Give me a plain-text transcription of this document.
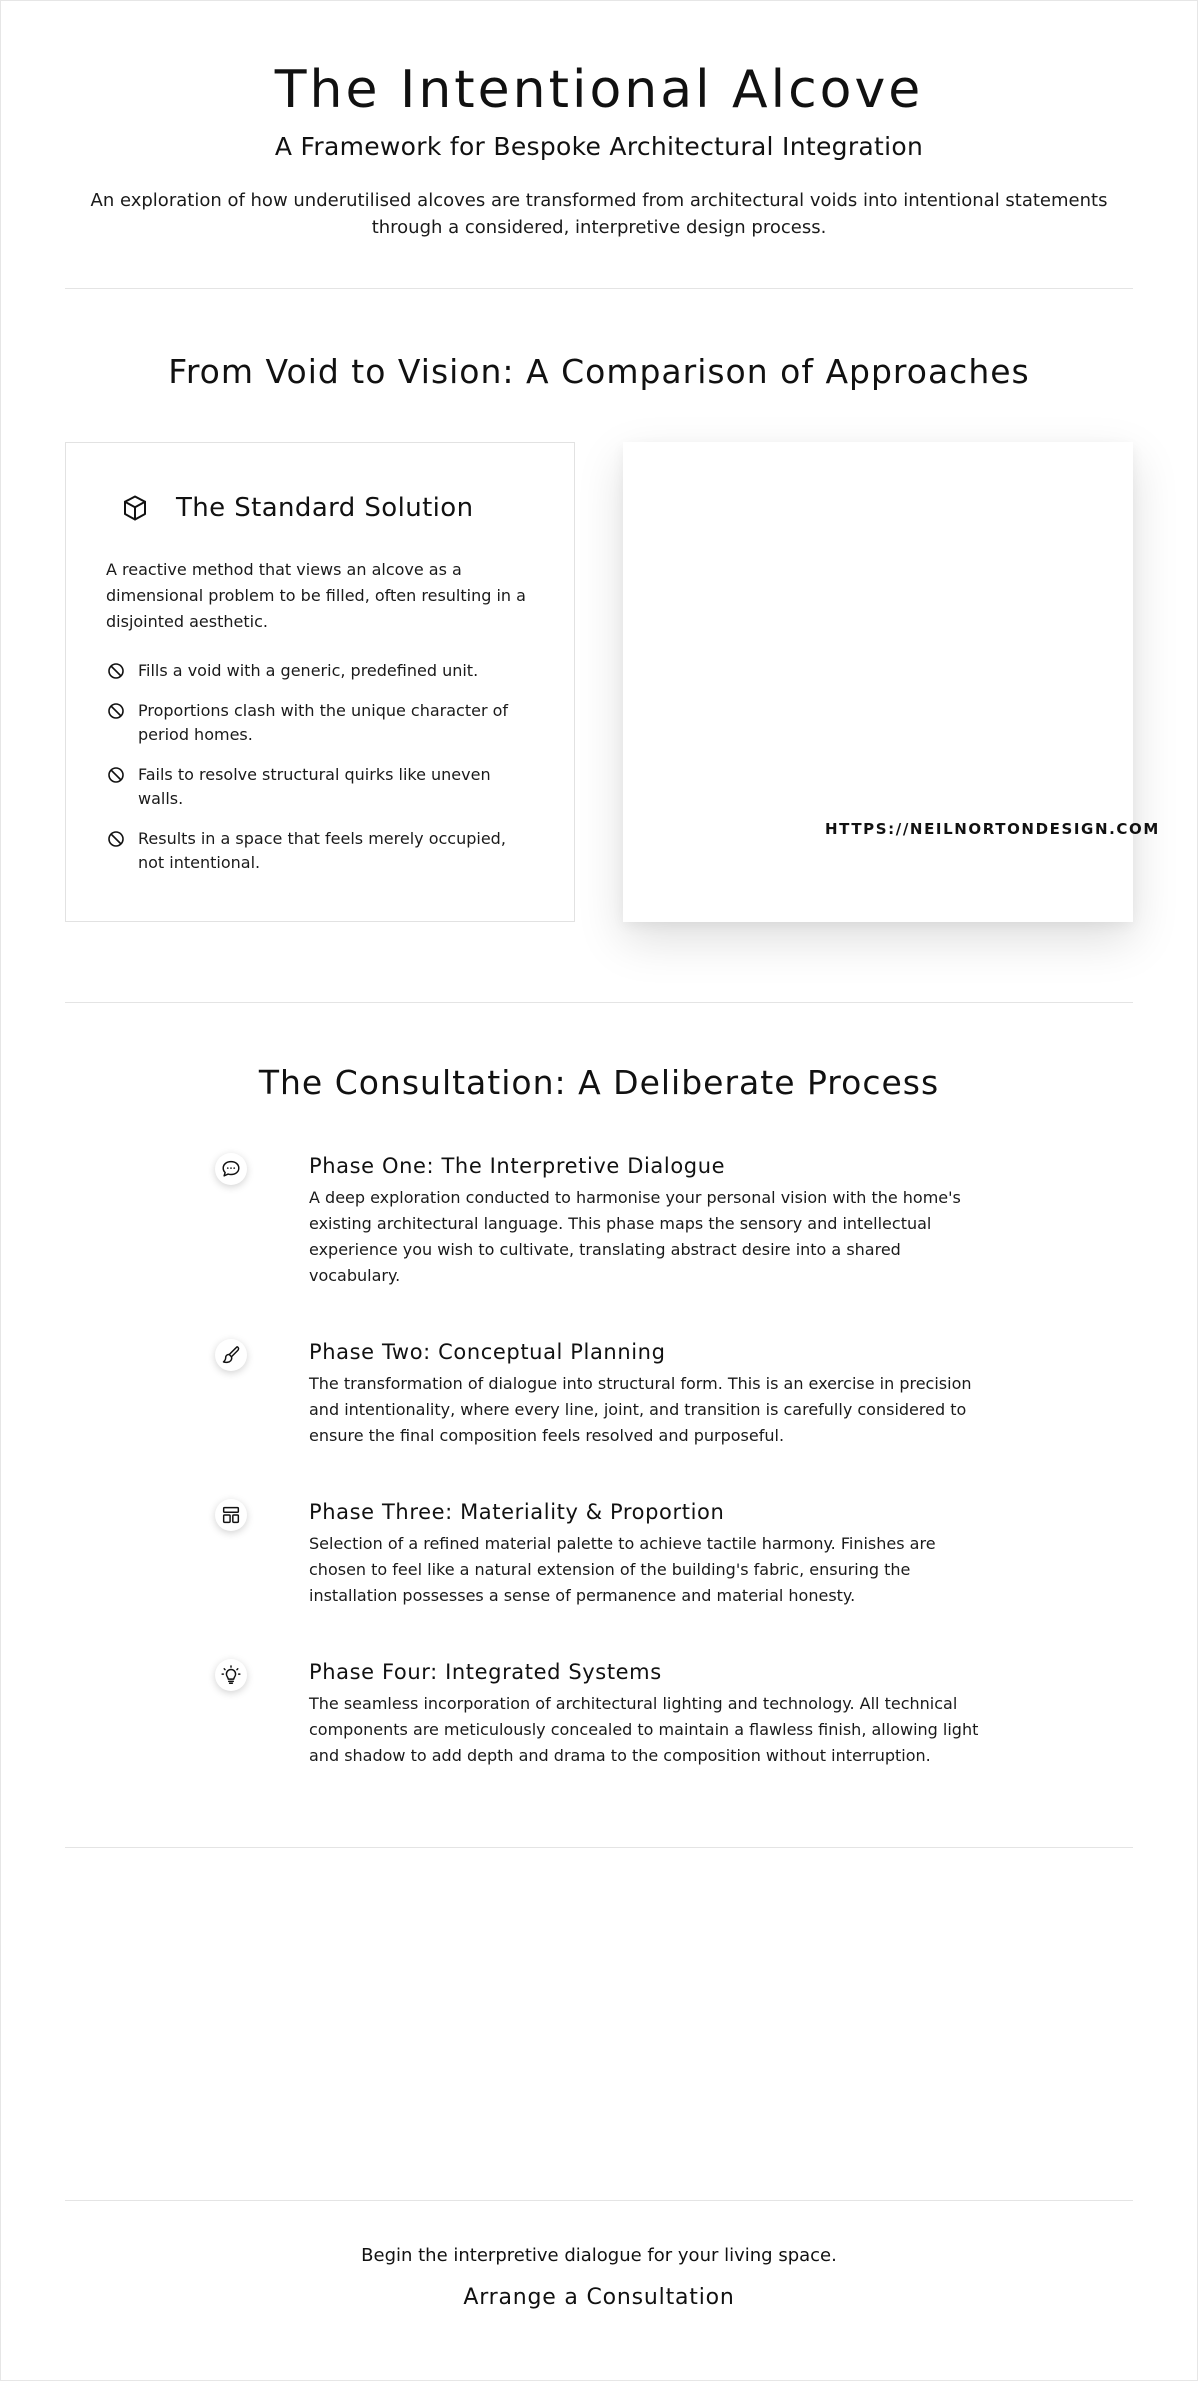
The Intentional Alcove
A Framework for Bespoke Architectural Integration

An exploration of how underutilised alcoves are transformed from architectural voids into intentional statements through a considered, interpretive design process.

From Void to Vision: A Comparison of Approaches
The Standard Solution

A reactive method that views an alcove as a dimensional problem to be filled, often resulting in a disjointed aesthetic.

Fills a void with a generic, predefined unit.
Proportions clash with the unique character of period homes.
Fails to resolve structural quirks like uneven walls.
Results in a space that feels merely occupied, not intentional.
HTTPS://NEILNORTONDESIGN.COM
The Consultation: A Deliberate Process
Phase One: The Interpretive Dialogue

A deep exploration conducted to harmonise your personal vision with the home's existing architectural language. This phase maps the sensory and intellectual experience you wish to cultivate, translating abstract desire into a shared vocabulary.

Phase Two: Conceptual Planning

The transformation of dialogue into structural form. This is an exercise in precision and intentionality, where every line, joint, and transition is carefully considered to ensure the final composition feels resolved and purposeful.

Phase Three: Materiality & Proportion

Selection of a refined material palette to achieve tactile harmony. Finishes are chosen to feel like a natural extension of the building's fabric, ensuring the installation possesses a sense of permanence and material honesty.

Phase Four: Integrated Systems

The seamless incorporation of architectural lighting and technology. All technical components are meticulously concealed to maintain a flawless finish, allowing light and shadow to add depth and drama to the composition without interruption.

Begin the interpretive dialogue for your living space.

Arrange a Consultation
